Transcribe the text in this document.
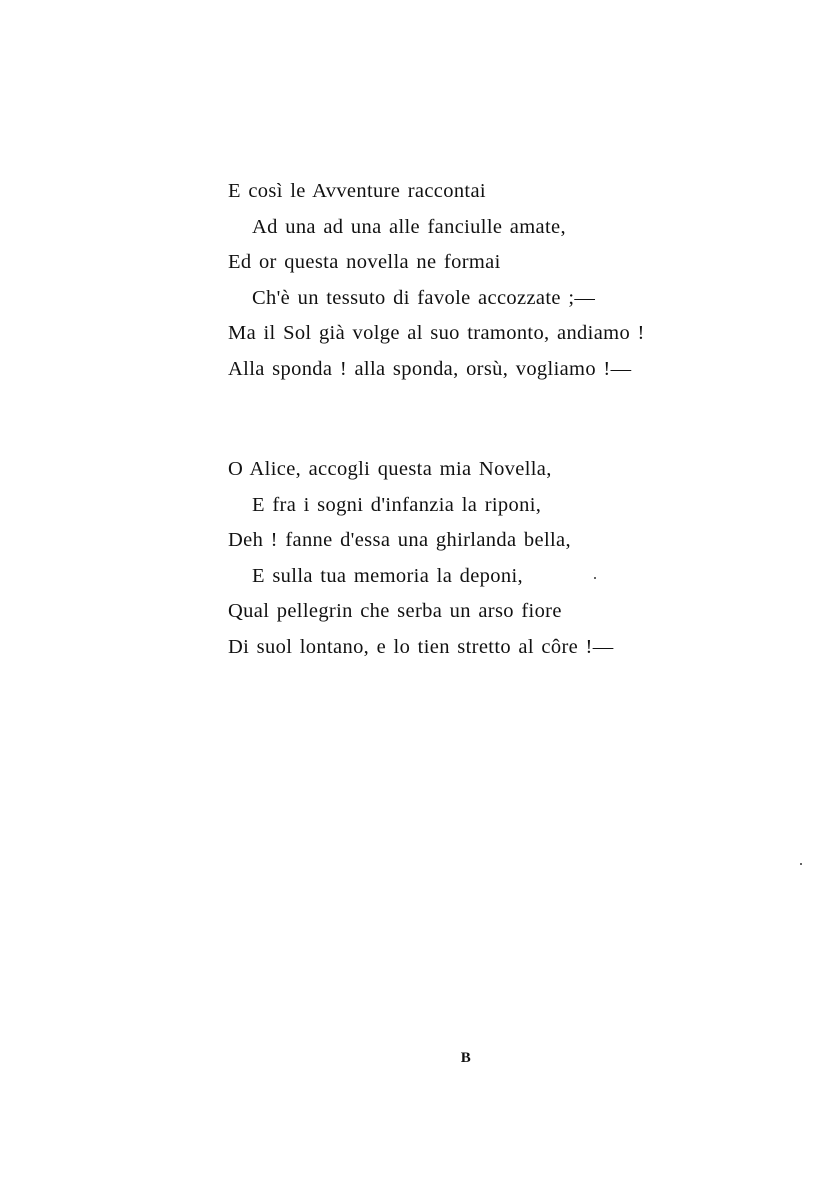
E così le Avventure raccontai
Ad una ad una alle fanciulle amate,
Ed or questa novella ne formai
Ch'è un tessuto di favole accozzate ;—
Ma il Sol già volge al suo tramonto, andiamo !
Alla sponda ! alla sponda, orsù, vogliamo !—
O Alice, accogli questa mia Novella,
E fra i sogni d'infanzia la riponi,
Deh ! fanne d'essa una ghirlanda bella,
E sulla tua memoria la deponi,
Qual pellegrin che serba un arso fiore
Di suol lontano, e lo tien stretto al côre !—
B
